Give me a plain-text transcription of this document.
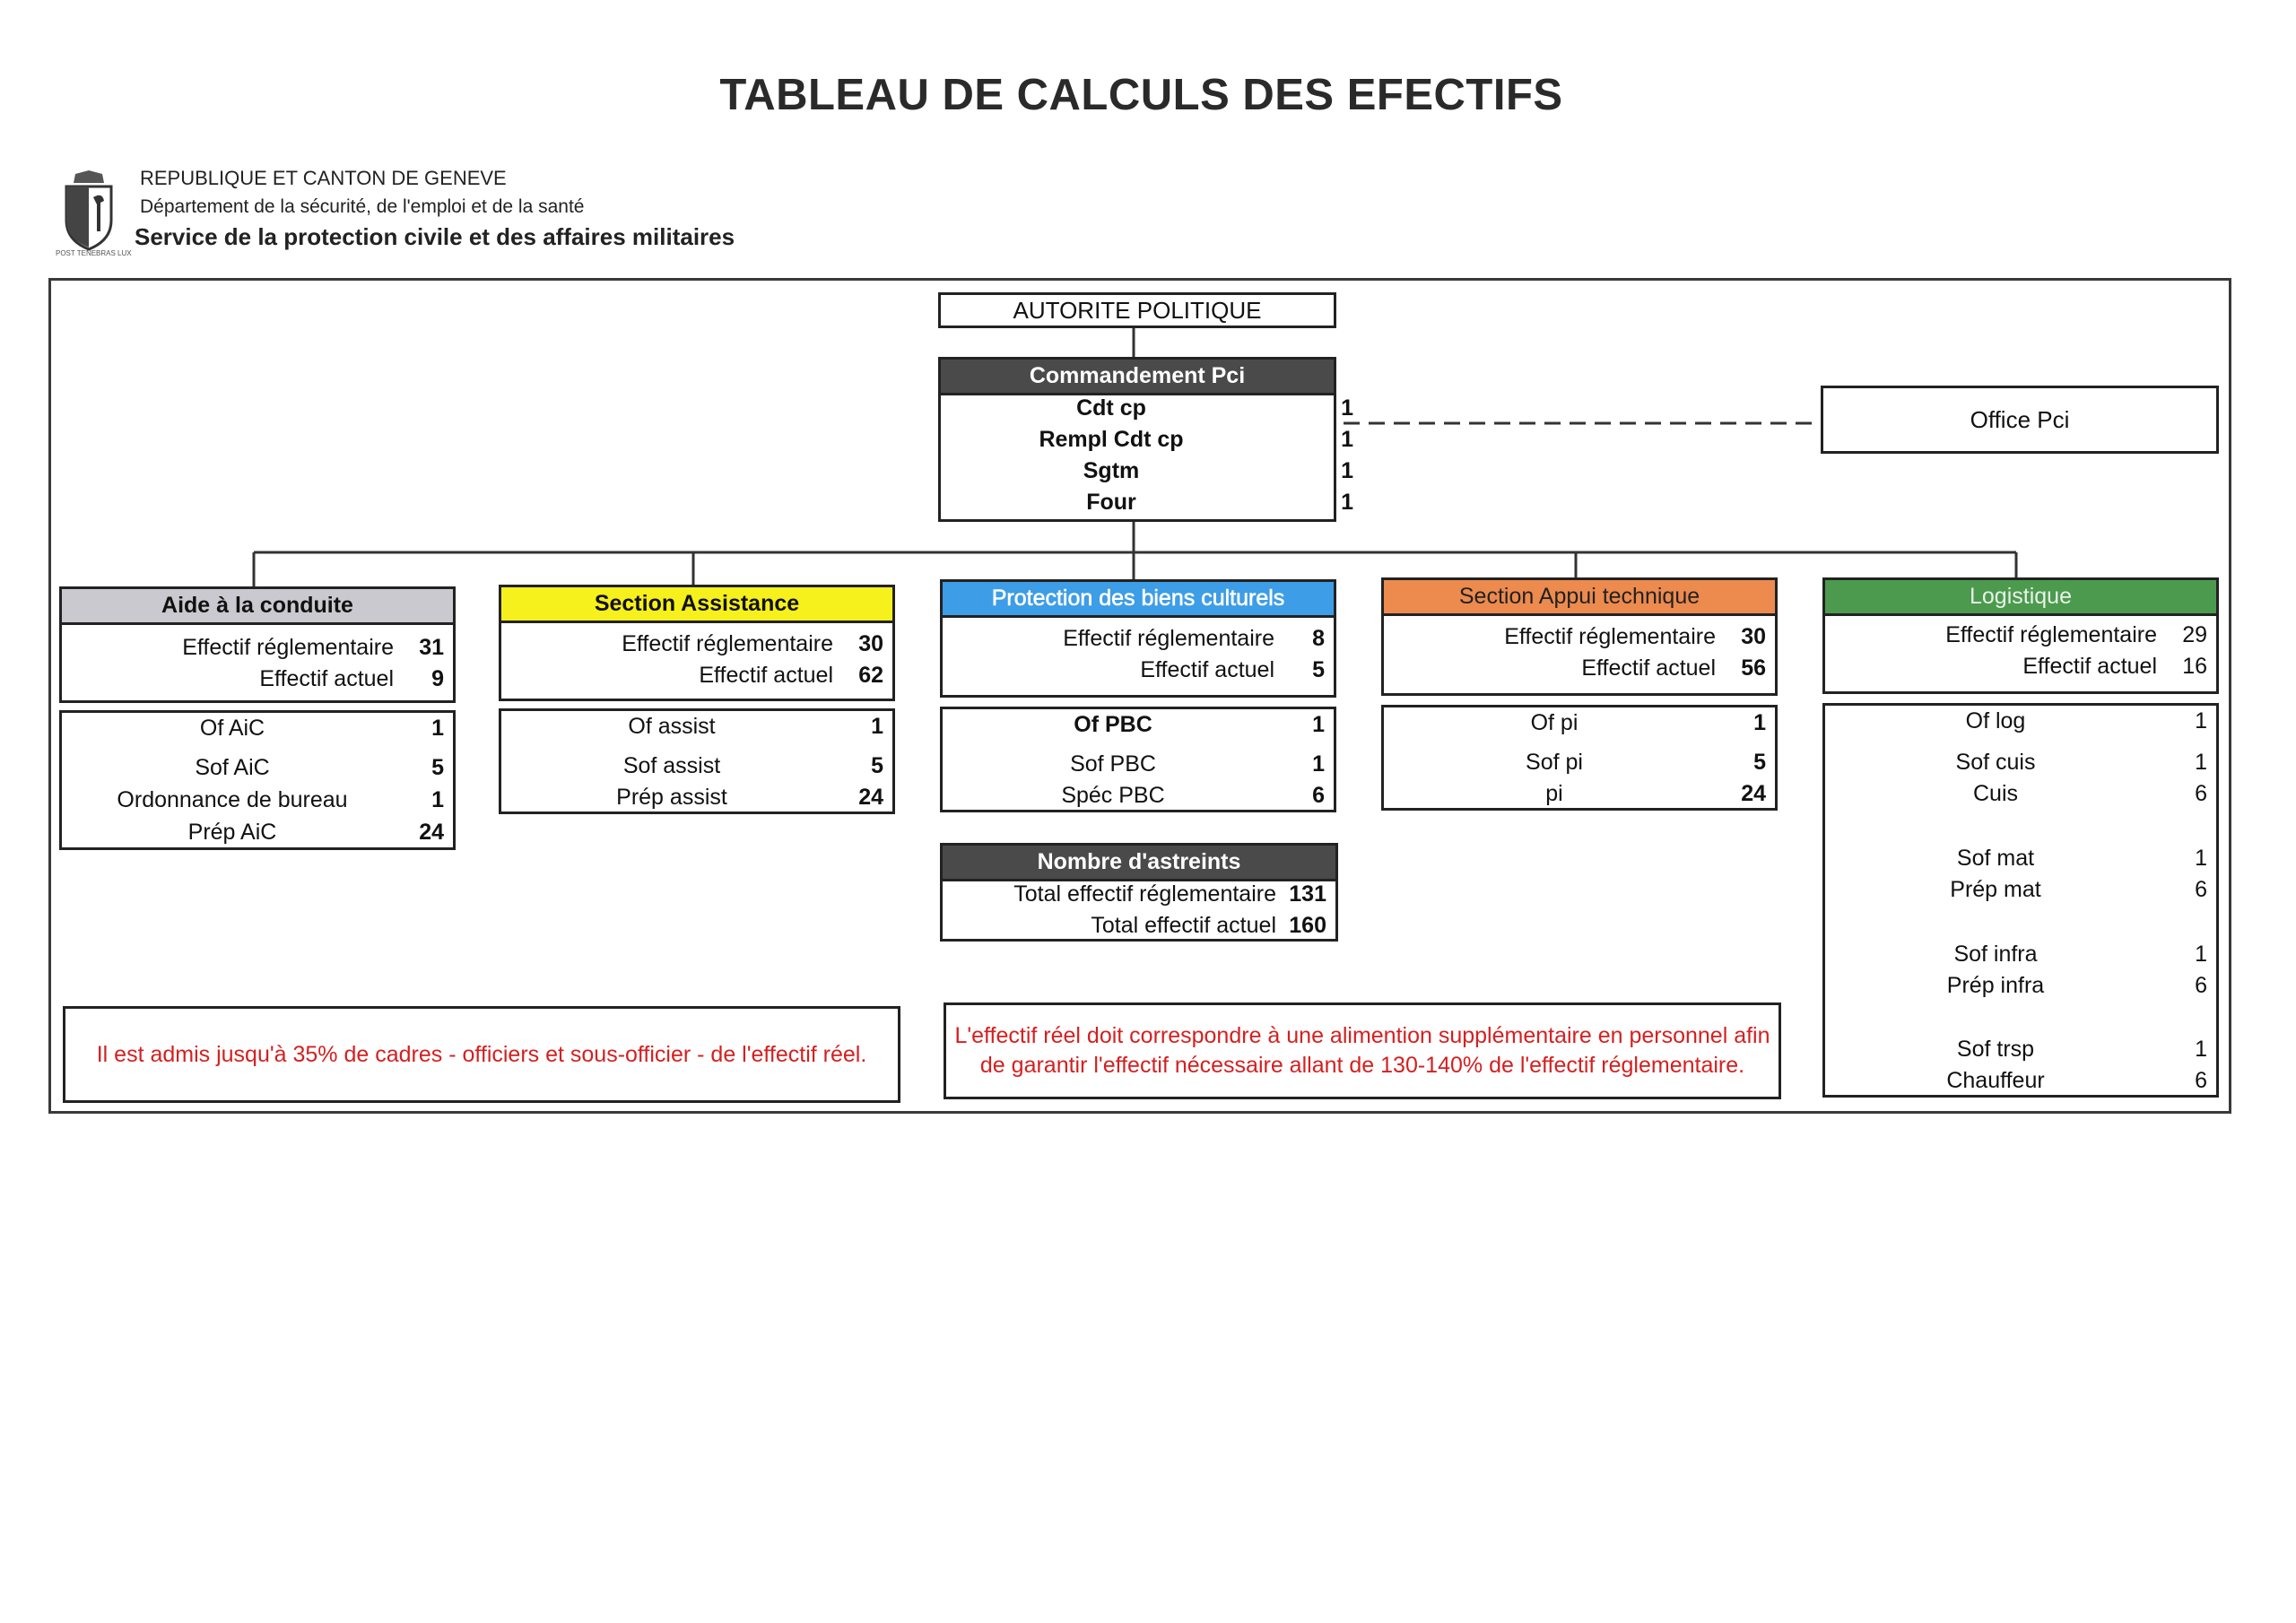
TABLEAU DE CALCULS DES EFECTIFS
POST TENEBRAS LUX
REPUBLIQUE ET CANTON DE GENEVE
Département de la sécurité, de l'emploi et de la santé
Service de la protection civile et des affaires militaires
AUTORITE POLITIQUE
Commandement Pci
Cdt cp	1
Rempl Cdt cp	1
Sgtm	1
Four	1
Office Pci
Aide à la conduite
Effectif réglementaire	31
Effectif actuel	9
Of AiC	1
Sof AiC	5
Ordonnance de bureau	1
Prép AiC	24
Section Assistance
Effectif réglementaire	30
Effectif actuel	62
Of assist	1
Sof assist	5
Prép assist	24
Protection des biens culturels
Effectif réglementaire	8
Effectif actuel	5
Of PBC	1
Sof PBC	1
Spéc PBC	6
Section Appui technique
Effectif réglementaire	30
Effectif actuel	56
Of pi	1
Sof pi	5
pi	24
Logistique
Effectif réglementaire	29
Effectif actuel	16
Of log	1
Sof cuis	1
Cuis	6
Sof mat	1
Prép mat	6
Sof infra	1
Prép infra	6
Sof trsp	1
Chauffeur	6
Nombre d'astreints
Total effectif réglementaire 131
Total effectif actuel 160
Il est admis jusqu'à 35% de cadres - officiers et sous-officier - de l'effectif réel.
L'effectif réel doit correspondre à une alimention supplémentaire en personnel afin de garantir l'effectif nécessaire allant de 130-140% de l'effectif réglementaire.
